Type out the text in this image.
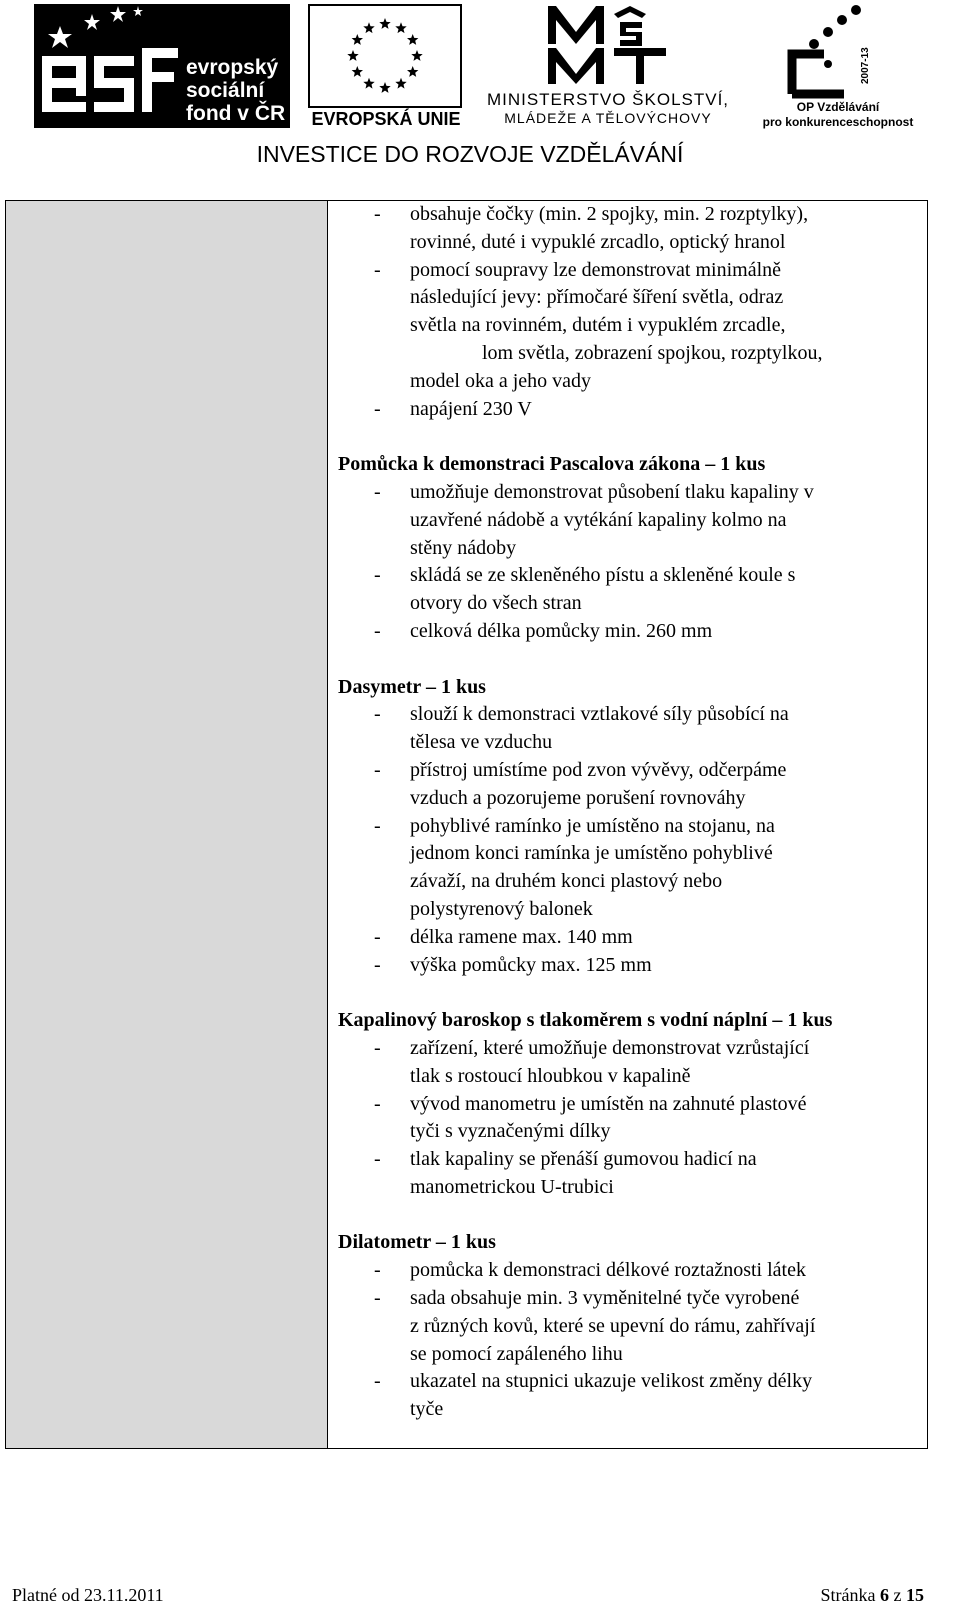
evropský
sociální
fond v ČR EVROPSKÁ UNIE
MINISTERSTVO ŠKOLSTVÍ,
MLÁDEŽE A TĚLOVÝCHOVY
2007-13
OP Vzdělávání
pro konkurenceschopnost
INVESTICE DO ROZVOJE VZDĚLÁVÁNÍ
- obsahuje čočky (min. 2 spojky, min. 2 rozptylky),
rovinné, duté i vypuklé zrcadlo, optický hranol
- pomocí soupravy lze demonstrovat minimálně
následující jevy: přímočaré šíření světla, odraz
světla na rovinném, dutém i vypuklém zrcadle,
lom světla, zobrazení spojkou, rozptylkou,
model oka a jeho vady
- napájení 230 V
Pomůcka k demonstraci Pascalova zákona – 1 kus
- umožňuje demonstrovat působení tlaku kapaliny v
uzavřené nádobě a vytékání kapaliny kolmo na
stěny nádoby
- skládá se ze skleněného pístu a skleněné koule s
otvory do všech stran
- celková délka pomůcky min. 260 mm
Dasymetr – 1 kus
- slouží k demonstraci vztlakové síly působící na
tělesa ve vzduchu
- přístroj umístíme pod zvon vývěvy, odčerpáme
vzduch a pozorujeme porušení rovnováhy
- pohyblivé ramínko je umístěno na stojanu, na
jednom konci ramínka je umístěno pohyblivé
závaží, na druhém konci plastový nebo
polystyrenový balonek
- délka ramene max. 140 mm
- výška pomůcky max. 125 mm
Kapalinový baroskop s tlakoměrem s vodní náplní – 1 kus
- zařízení, které umožňuje demonstrovat vzrůstající
tlak s rostoucí hloubkou v kapalině
- vývod manometru je umístěn na zahnuté plastové
tyči s vyznačenými dílky
- tlak kapaliny se přenáší gumovou hadicí na
manometrickou U-trubici
Dilatometr – 1 kus
- pomůcka k demonstraci délkové roztažnosti látek
- sada obsahuje min. 3 vyměnitelné tyče vyrobené
z různých kovů, které se upevní do rámu, zahřívají
se pomocí zapáleného lihu
- ukazatel na stupnici ukazuje velikost změny délky
tyče
Platné od 23.11.2011	Stránka 6 z 15
